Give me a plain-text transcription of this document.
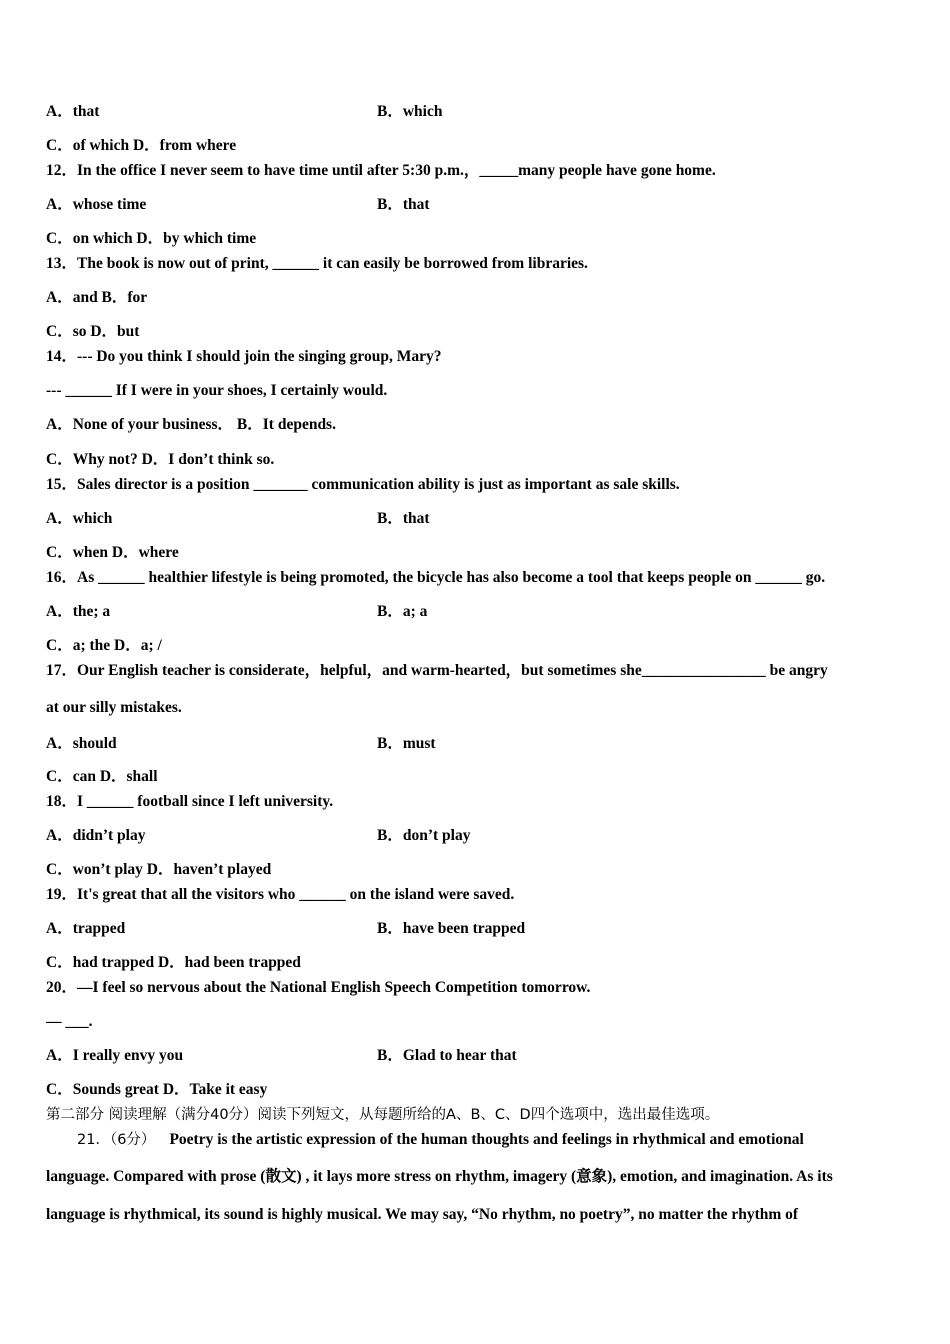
A．that	B．which
C．of which D．from where
12．In the office I never seem to have time until after 5:30 p.m.，_____many people have gone home.
A．whose time	B．that
C．on which D．by which time
13．The book is now out of print, ______ it can easily be borrowed from libraries.
A．and B．for
C．so D．but
14．--- Do you think I should join the singing group, Mary?
--- ______ If I were in your shoes, I certainly would.
A．None of your business． B．It depends.
C．Why not? D．I don’t think so.
15．Sales director is a position _______ communication ability is just as important as sale skills.
A．which	B．that
C．when D．where
16．As ______ healthier lifestyle is being promoted, the bicycle has also become a tool that keeps people on ______ go.
A．the; a	B．a; a
C．a; the D．a; /
17．Our English teacher is considerate，helpful，and warm-hearted，but sometimes she________________ be angry
at our silly mistakes.
A．should	B．must
C．can D．shall
18．I ______ football since I left university.
A．didn’t play	B．don’t play
C．won’t play D．haven’t played
19．It's great that all the visitors who ______ on the island were saved.
A．trapped	B．have been trapped
C．had trapped D．had been trapped
20．—I feel so nervous about the National English Speech Competition tomorrow.
— ___.
A．I really envy you	B．Glad to hear that
C．Sounds great D．Take it easy
第二部分 阅读理解（满分40分）阅读下列短文，从每题所给的A、B、C、D四个选项中，选出最佳选项。
21．（6分） Poetry is the artistic expression of the human thoughts and feelings in rhythmical and emotional
language. Compared with prose (散文) , it lays more stress on rhythm, imagery (意象), emotion, and imagination. As its
language is rhythmical, its sound is highly musical. We may say, “No rhythm, no poetry”, no matter the rhythm of
